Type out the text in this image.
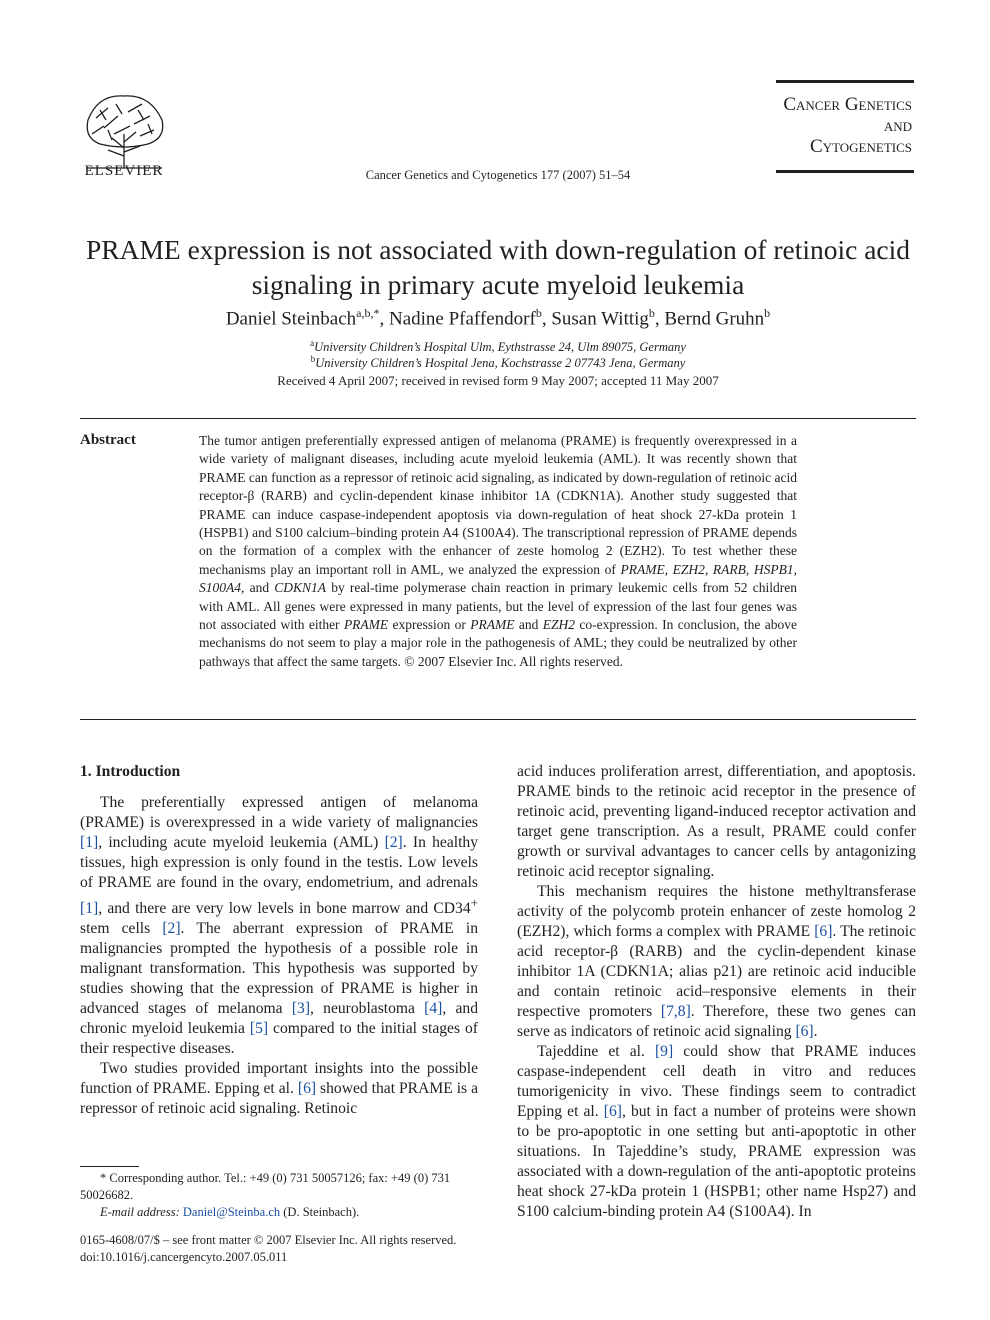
ELSEVIER	Cancer Genetics and Cytogenetics 177 (2007) 51–54
Cancer Genetics
and
Cytogenetics
PRAME expression is not associated with down-regulation of retinoic acid signaling in primary acute myeloid leukemia
Daniel Steinbach$^{a,b,*}$, Nadine Pfaffendorf$^b$, Susan Wittig$^b$, Bernd Gruhn$^b$
$^a$University Children’s Hospital Ulm, Eythstrasse 24, Ulm 89075, Germany
$^b$University Children’s Hospital Jena, Kochstrasse 2 07743 Jena, Germany
Received 4 April 2007; received in revised form 9 May 2007; accepted 11 May 2007
Abstract	The tumor antigen preferentially expressed antigen of melanoma (PRAME) is frequently overexpressed in a wide variety of malignant diseases, including acute myeloid leukemia (AML). It was recently shown that PRAME can function as a repressor of retinoic acid signaling, as indicated by down-regulation of retinoic acid receptor-β (RARB) and cyclin-dependent kinase inhibitor 1A (CDKN1A). Another study suggested that PRAME can induce caspase-independent apoptosis via down-regulation of heat shock 27-kDa protein 1 (HSPB1) and S100 calcium–binding protein A4 (S100A4). The transcriptional repression of PRAME depends on the formation of a complex with the enhancer of zeste homolog 2 (EZH2). To test whether these mechanisms play an important roll in AML, we analyzed the expression of PRAME, EZH2, RARB, HSPB1, S100A4, and CDKN1A by real-time polymerase chain reaction in primary leukemic cells from 52 children with AML. All genes were expressed in many patients, but the level of expression of the last four genes was not associated with either PRAME expression or PRAME and EZH2 co-expression. In conclusion, the above mechanisms do not seem to play a major role in the pathogenesis of AML; they could be neutralized by other pathways that affect the same targets. © 2007 Elsevier Inc. All rights reserved.
1. Introduction

The preferentially expressed antigen of melanoma (PRAME) is overexpressed in a wide variety of malignancies [1], including acute myeloid leukemia (AML) [2]. In healthy tissues, high expression is only found in the testis. Low levels of PRAME are found in the ovary, endometrium, and adrenals [1], and there are very low levels in bone marrow and CD34+ stem cells [2]. The aberrant expression of PRAME in malignancies prompted the hypothesis of a possible role in malignant transformation. This hypothesis was supported by studies showing that the expression of PRAME is higher in advanced stages of melanoma [3], neuroblastoma [4], and chronic myeloid leukemia [5] compared to the initial stages of their respective diseases.

Two studies provided important insights into the possible function of PRAME. Epping et al. [6] showed that PRAME is a repressor of retinoic acid signaling. Retinoic

acid induces proliferation arrest, differentiation, and apoptosis. PRAME binds to the retinoic acid receptor in the presence of retinoic acid, preventing ligand-induced receptor activation and target gene transcription. As a result, PRAME could confer growth or survival advantages to cancer cells by antagonizing retinoic acid receptor signaling.

This mechanism requires the histone methyltransferase activity of the polycomb protein enhancer of zeste homolog 2 (EZH2), which forms a complex with PRAME [6]. The retinoic acid receptor-β (RARB) and the cyclin-dependent kinase inhibitor 1A (CDKN1A; alias p21) are retinoic acid inducible and contain retinoic acid–responsive elements in their respective promoters [7,8]. Therefore, these two genes can serve as indicators of retinoic acid signaling [6].

Tajeddine et al. [9] could show that PRAME induces caspase-independent cell death in vitro and reduces tumorigenicity in vivo. These findings seem to contradict Epping et al. [6], but in fact a number of proteins were shown to be pro-apoptotic in one setting but anti-apoptotic in other situations. In Tajeddine’s study, PRAME expression was associated with a down-regulation of the anti-apoptotic proteins heat shock 27-kDa protein 1 (HSPB1; other name Hsp27) and S100 calcium-binding protein A4 (S100A4). In

* Corresponding author. Tel.: +49 (0) 731 50057126; fax: +49 (0) 731 50026682.
E-mail address: Daniel@Steinba.ch (D. Steinbach).
0165-4608/07/$ – see front matter © 2007 Elsevier Inc. All rights reserved.
doi:10.1016/j.cancergencyto.2007.05.011
